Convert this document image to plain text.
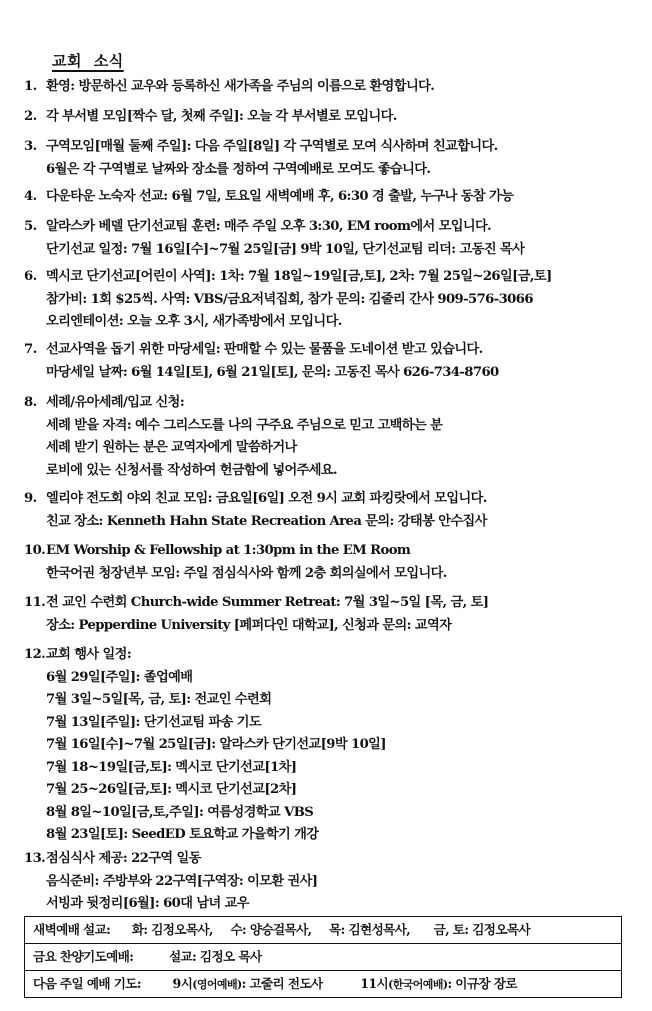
교회 소식
1. 환영: 방문하신 교우와 등록하신 새가족을 주님의 이름으로 환영합니다.
2. 각 부서별 모임[짝수 달, 첫째 주일]: 오늘 각 부서별로 모입니다.
3. 구역모임[매월 둘째 주일]: 다음 주일[8일] 각 구역별로 모여 식사하며 친교합니다.
6월은 각 구역별로 날짜와 장소를 정하여 구역예배로 모여도 좋습니다.
4. 다운타운 노숙자 선교: 6월 7일, 토요일 새벽예배 후, 6:30 경 출발, 누구나 동참 가능
5. 알라스카 베델 단기선교팀 훈련: 매주 주일 오후 3:30, EM room에서 모입니다.
단기선교 일정: 7월 16일[수]~7월 25일[금] 9박 10일, 단기선교팀 리더: 고동진 목사
6. 멕시코 단기선교[어린이 사역]: 1차: 7월 18일~19일[금,토], 2차: 7월 25일~26일[금,토]
참가비: 1회 $25씩. 사역: VBS/금요저녁집회, 참가 문의: 김줄리 간사 909-576-3066
오리엔테이션: 오늘 오후 3시, 새가족방에서 모입니다.
7. 선교사역을 돕기 위한 마당세일: 판매할 수 있는 물품을 도네이션 받고 있습니다.
마당세일 날짜: 6월 14일[토], 6월 21일[토], 문의: 고동진 목사 626-734-8760
8. 세례/유아세례/입교 신청:
세례 받을 자격: 예수 그리스도를 나의 구주요 주님으로 믿고 고백하는 분
세례 받기 원하는 분은 교역자에게 말씀하거나
로비에 있는 신청서를 작성하여 헌금함에 넣어주세요.
9. 엘리야 전도회 야외 친교 모임: 금요일[6일] 오전 9시 교회 파킹랏에서 모입니다.
친교 장소: Kenneth Hahn State Recreation Area 문의: 강태봉 안수집사
10.EM Worship & Fellowship at 1:30pm in the EM Room
한국어권 청장년부 모임: 주일 점심식사와 함께 2층 회의실에서 모입니다.
11.전 교인 수련회 Church-wide Summer Retreat: 7월 3일~5일 [목, 금, 토]
장소: Pepperdine University [페퍼다인 대학교], 신청과 문의: 교역자
12.교회 행사 일정:
6월 29일[주일]: 졸업예배
7월 3일~5일[목, 금, 토]: 전교인 수련회
7월 13일[주일]: 단기선교팀 파송 기도
7월 16일[수]~7월 25일[금]: 알라스카 단기선교[9박 10일]
7월 18~19일[금,토]: 멕시코 단기선교[1차]
7월 25~26일[금,토]: 멕시코 단기선교[2차]
8월 8일~10일[금,토,주일]: 여름성경학교 VBS
8월 23일[토]: SeedED 토요학교 가을학기 개강
13.점심식사 제공: 22구역 일동
음식준비: 주방부와 22구역[구역장: 이모환 권사]
서빙과 뒷정리[6월]: 60대 남녀 교우
새벽예배 설교: 화: 김정오목사, 수: 양승걸목사, 목: 김현성목사, 금, 토: 김정오목사
금요 찬양기도예배:	설교: 김정오 목사
다음 주일 예배 기도:	9시(영어예배): 고줄리 전도사	11시(한국어예배): 이규장 장로
